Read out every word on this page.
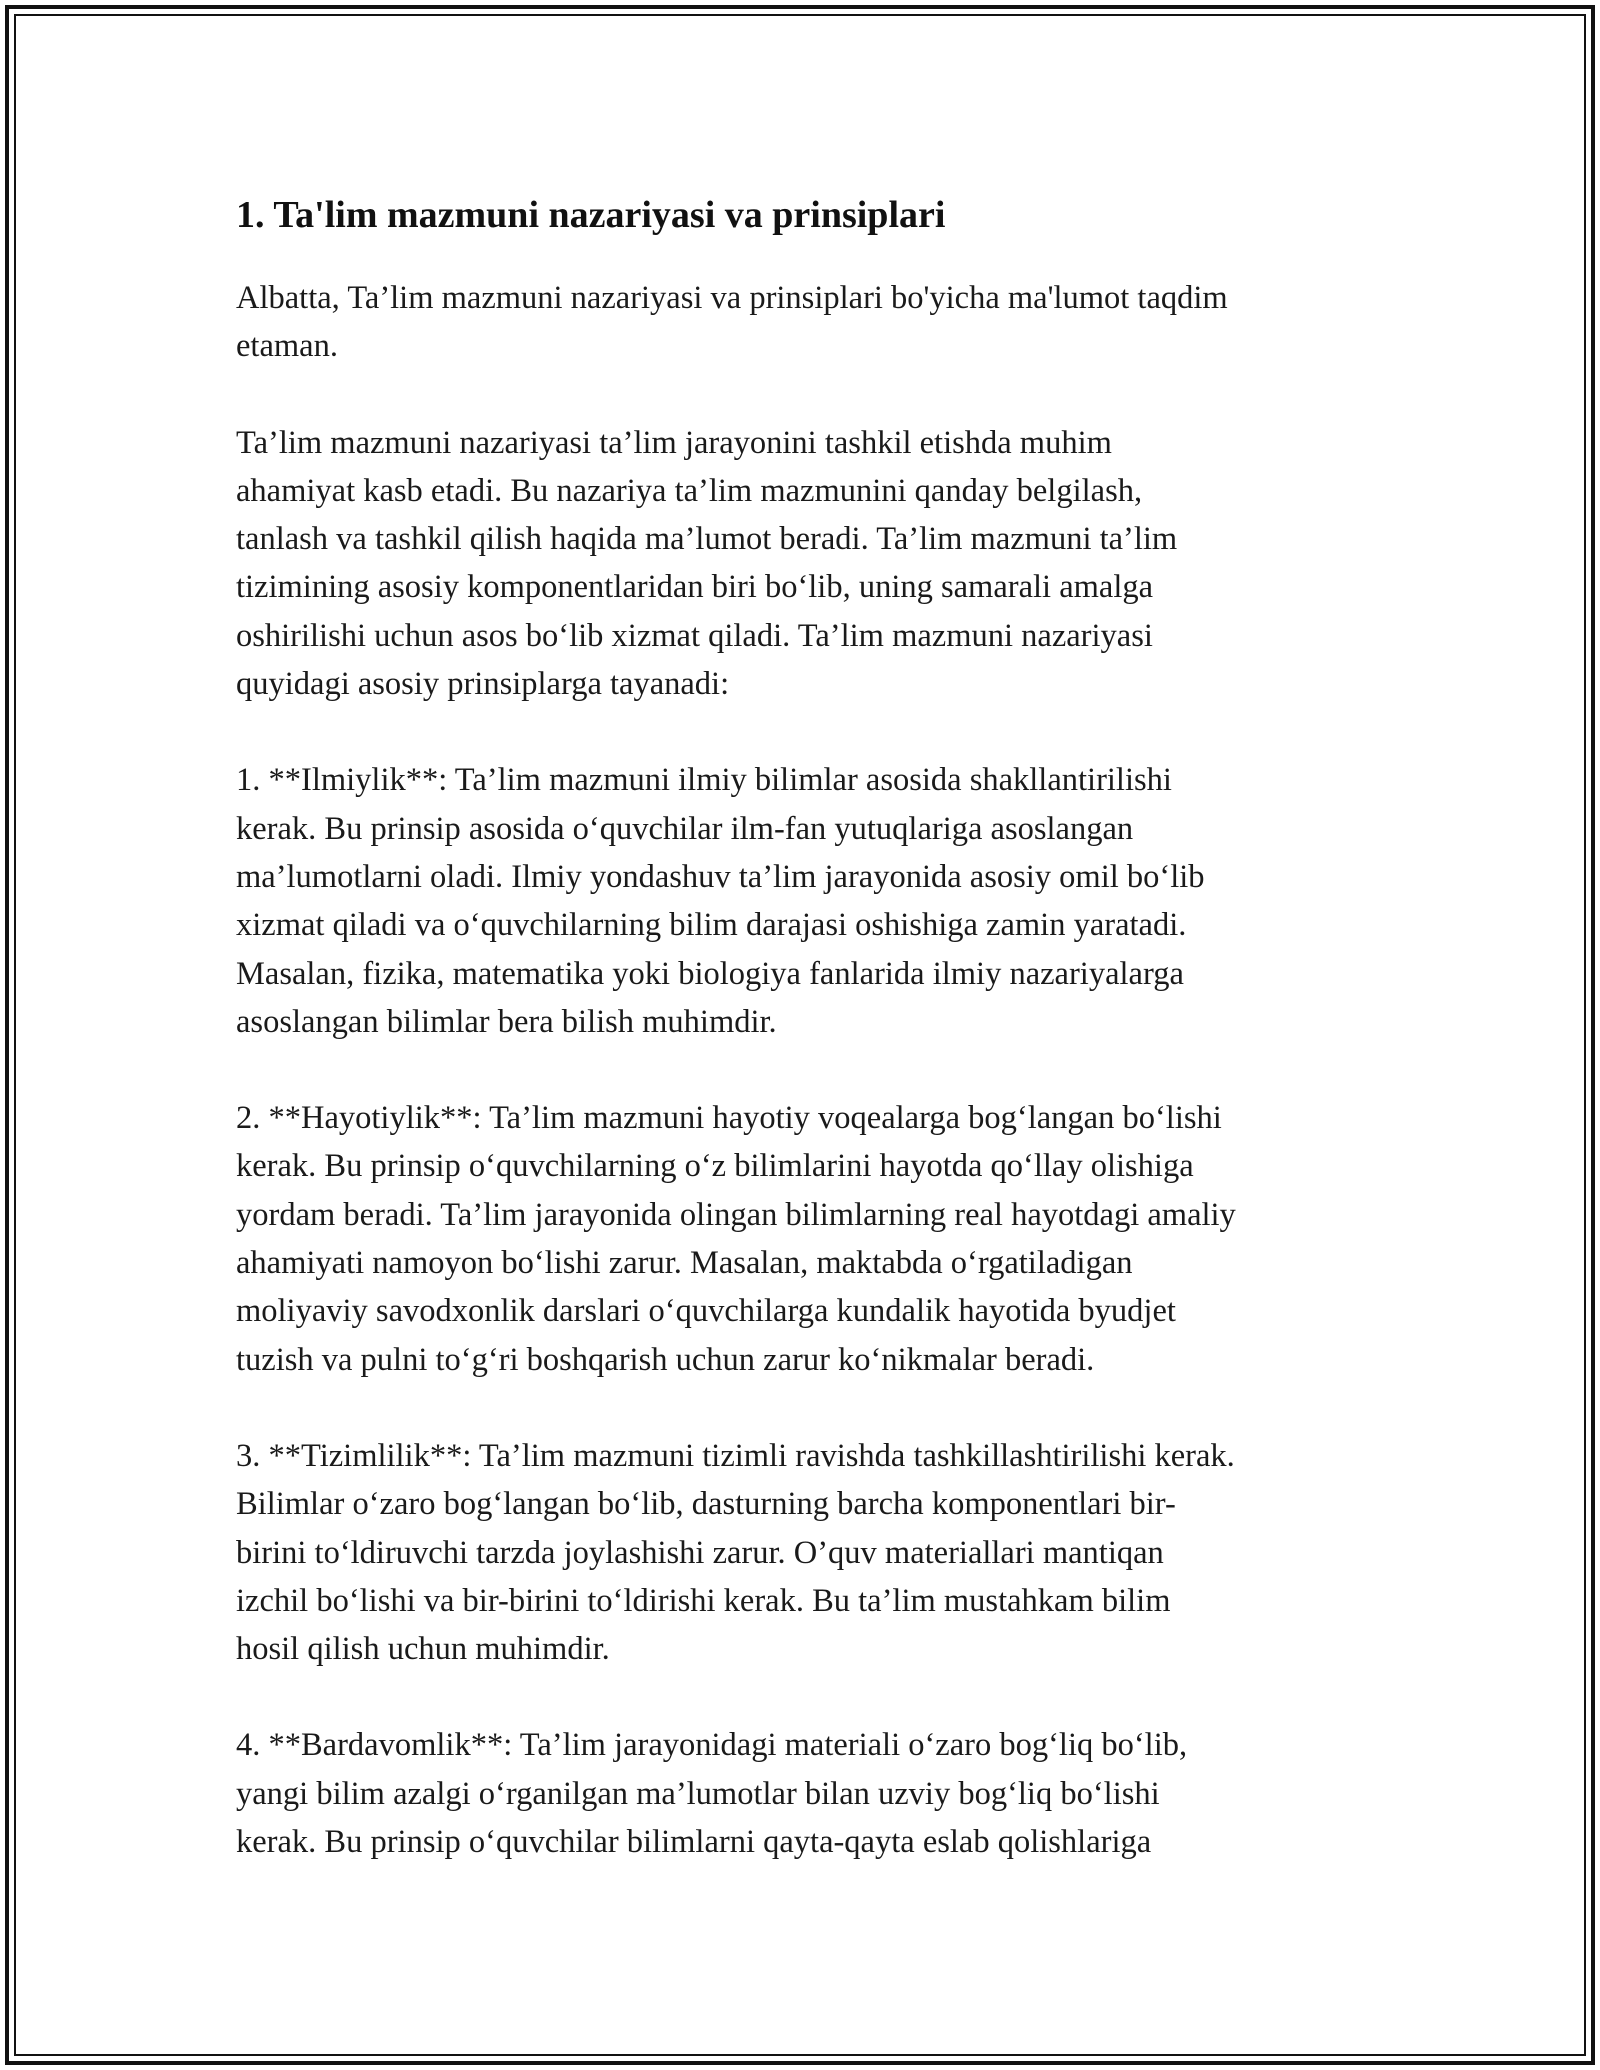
1. Ta'lim mazmuni nazariyasi va prinsiplari

Albatta, Ta’lim mazmuni nazariyasi va prinsiplari bo'yicha ma'lumot taqdim
etaman.

Ta’lim mazmuni nazariyasi ta’lim jarayonini tashkil etishda muhim
ahamiyat kasb etadi. Bu nazariya ta’lim mazmunini qanday belgilash,
tanlash va tashkil qilish haqida ma’lumot beradi. Ta’lim mazmuni ta’lim
tizimining asosiy komponentlaridan biri bo‘lib, uning samarali amalga
oshirilishi uchun asos bo‘lib xizmat qiladi. Ta’lim mazmuni nazariyasi
quyidagi asosiy prinsiplarga tayanadi:

1. **Ilmiylik**: Ta’lim mazmuni ilmiy bilimlar asosida shakllantirilishi
kerak. Bu prinsip asosida o‘quvchilar ilm-fan yutuqlariga asoslangan
ma’lumotlarni oladi. Ilmiy yondashuv ta’lim jarayonida asosiy omil bo‘lib
xizmat qiladi va o‘quvchilarning bilim darajasi oshishiga zamin yaratadi.
Masalan, fizika, matematika yoki biologiya fanlarida ilmiy nazariyalarga
asoslangan bilimlar bera bilish muhimdir.

2. **Hayotiylik**: Ta’lim mazmuni hayotiy voqealarga bog‘langan bo‘lishi
kerak. Bu prinsip o‘quvchilarning o‘z bilimlarini hayotda qo‘llay olishiga
yordam beradi. Ta’lim jarayonida olingan bilimlarning real hayotdagi amaliy
ahamiyati namoyon bo‘lishi zarur. Masalan, maktabda o‘rgatiladigan
moliyaviy savodxonlik darslari o‘quvchilarga kundalik hayotida byudjet
tuzish va pulni to‘g‘ri boshqarish uchun zarur ko‘nikmalar beradi.

3. **Tizimlilik**: Ta’lim mazmuni tizimli ravishda tashkillashtirilishi kerak.
Bilimlar o‘zaro bog‘langan bo‘lib, dasturning barcha komponentlari bir-
birini to‘ldiruvchi tarzda joylashishi zarur. O’quv materiallari mantiqan
izchil bo‘lishi va bir-birini to‘ldirishi kerak. Bu ta’lim mustahkam bilim
hosil qilish uchun muhimdir.

4. **Bardavomlik**: Ta’lim jarayonidagi materiali o‘zaro bog‘liq bo‘lib,
yangi bilim azalgi o‘rganilgan ma’lumotlar bilan uzviy bog‘liq bo‘lishi
kerak. Bu prinsip o‘quvchilar bilimlarni qayta-qayta eslab qolishlariga
